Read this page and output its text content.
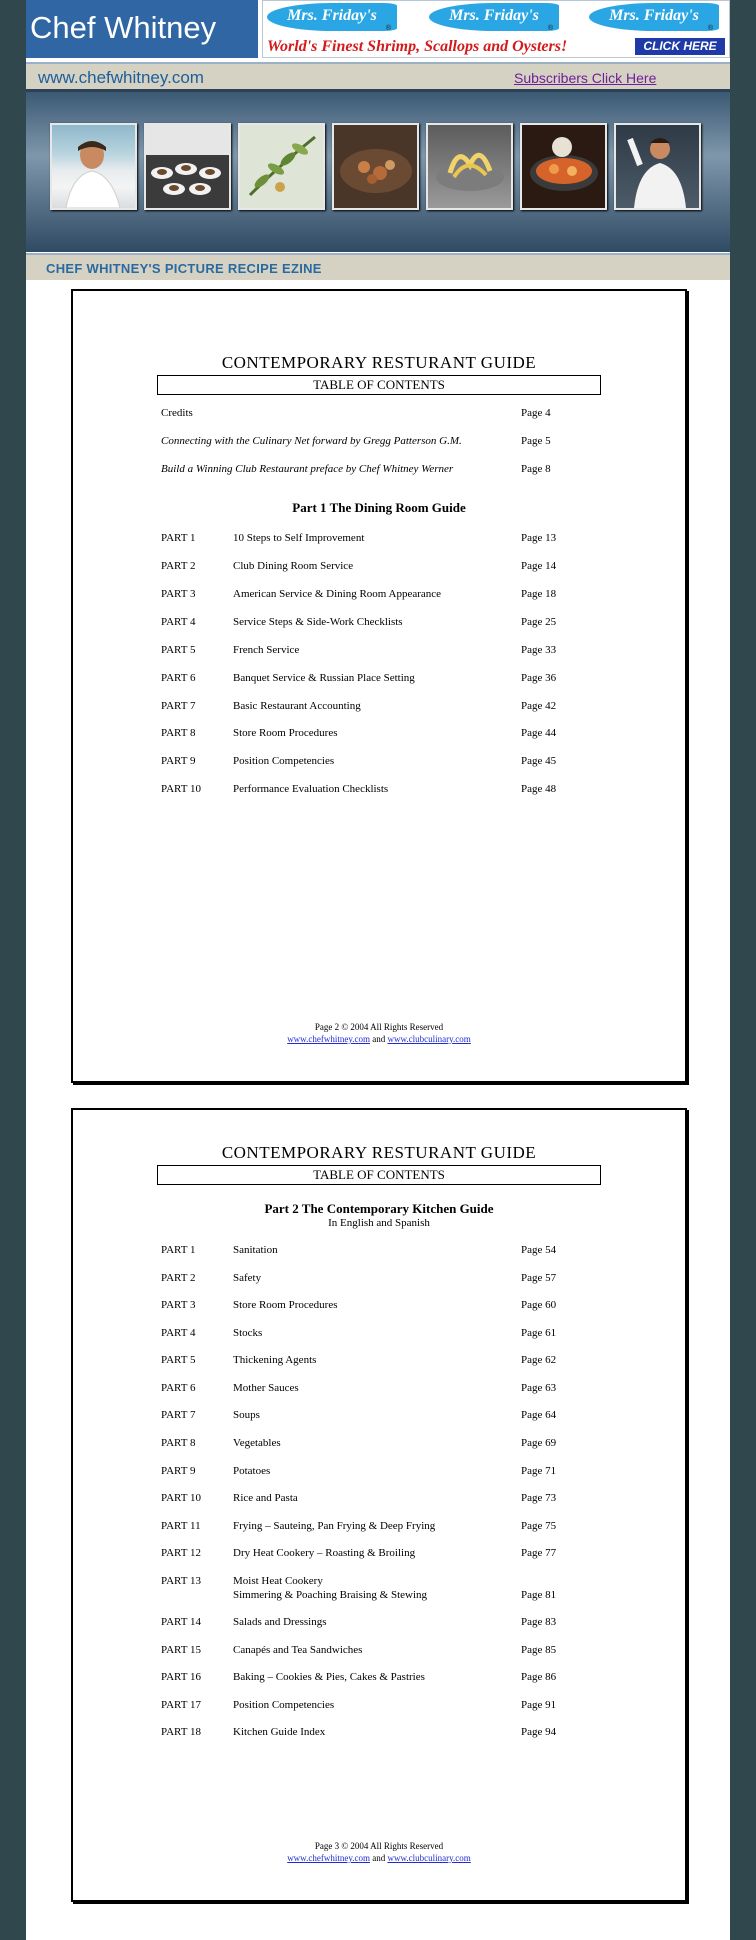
Chef Whitney	Mrs. Friday's
®
Mrs. Friday's
®
Mrs. Friday's
®
World's Finest Shrimp, Scallops and Oysters!	CLICK HERE
www.chefwhitney.com	Subscribers Click Here
CHEF WHITNEY'S PICTURE RECIPE EZINE
CONTEMPORARY RESTURANT GUIDE
TABLE OF CONTENTS
Credits	Page 4
Connecting with the Culinary Net forward by Gregg Patterson G.M.	Page 5
Build a Winning Club Restaurant preface by Chef Whitney Werner	Page 8
Part 1 The Dining Room Guide
PART 1	10 Steps to Self Improvement	Page 13
PART 2	Club Dining Room Service	Page 14
PART 3	American Service & Dining Room Appearance	Page 18
PART 4	Service Steps & Side-Work Checklists	Page 25
PART 5	French Service	Page 33
PART 6	Banquet Service & Russian Place Setting	Page 36
PART 7	Basic Restaurant Accounting	Page 42
PART 8	Store Room Procedures	Page 44
PART 9	Position Competencies	Page 45
PART 10	Performance Evaluation Checklists	Page 48
Page 2 © 2004 All Rights Reserved
www.chefwhitney.com and www.clubculinary.com
CONTEMPORARY RESTURANT GUIDE
TABLE OF CONTENTS
Part 2 The Contemporary Kitchen Guide
In English and Spanish
PART 1	Sanitation	Page 54
PART 2	Safety	Page 57
PART 3	Store Room Procedures	Page 60
PART 4	Stocks	Page 61
PART 5	Thickening Agents	Page 62
PART 6	Mother Sauces	Page 63
PART 7	Soups	Page 64
PART 8	Vegetables	Page 69
PART 9	Potatoes	Page 71
PART 10	Rice and Pasta	Page 73
PART 11	Frying – Sauteing, Pan Frying & Deep Frying	Page 75
PART 12	Dry Heat Cookery – Roasting & Broiling	Page 77
PART 13	Moist Heat Cookery
Simmering & Poaching Braising & Stewing	Page 81
PART 14	Salads and Dressings	Page 83
PART 15	Canapés and Tea Sandwiches	Page 85
PART 16	Baking – Cookies & Pies, Cakes & Pastries	Page 86
PART 17	Position Competencies	Page 91
PART 18	Kitchen Guide Index	Page 94
Page 3 © 2004 All Rights Reserved
www.chefwhitney.com and www.clubculinary.com
